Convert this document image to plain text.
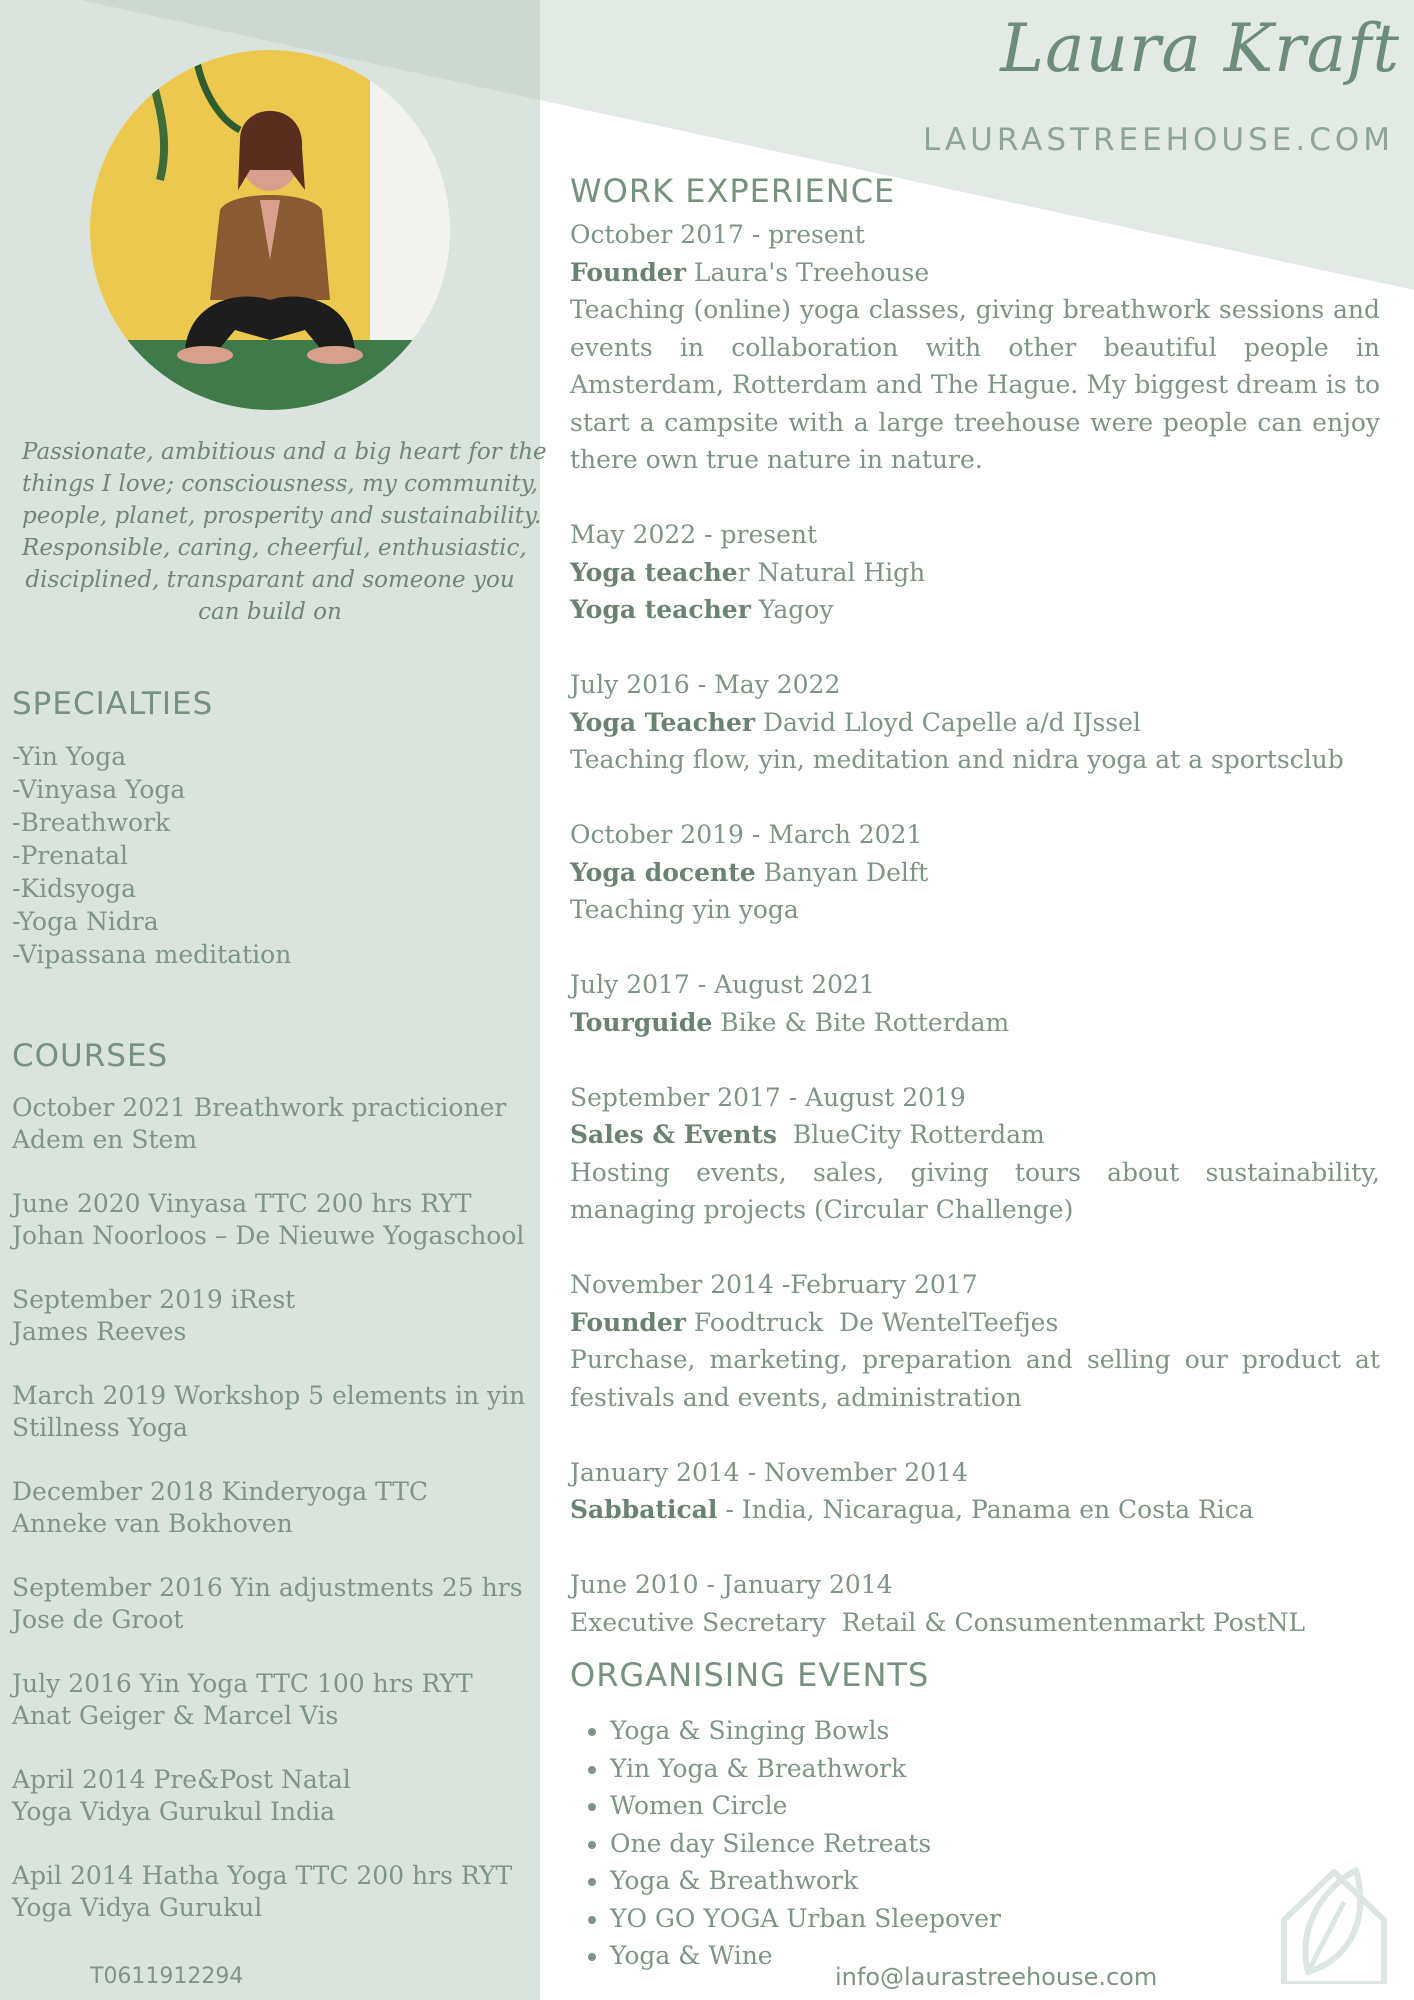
Passionate, ambitious and a big heart for the
things I love; consciousness, my community,
people, planet, prosperity and sustainability.
Responsible, caring, cheerful, enthusiastic,
disciplined, transparant and someone you
can build on
SPECIALTIES
-Yin Yoga
-Vinyasa Yoga
-Breathwork
-Prenatal
-Kidsyoga
-Yoga Nidra
-Vipassana meditation
COURSES
October 2021 Breathwork practicioner
Adem en Stem
June 2020 Vinyasa TTC 200 hrs RYT
Johan Noorloos – De Nieuwe Yogaschool
September 2019 iRest
James Reeves
March 2019 Workshop 5 elements in yin
Stillness Yoga
December 2018 Kinderyoga TTC
Anneke van Bokhoven
September 2016 Yin adjustments 25 hrs
Jose de Groot
July 2016 Yin Yoga TTC 100 hrs RYT
Anat Geiger & Marcel Vis
April 2014 Pre&Post Natal
Yoga Vidya Gurukul India
Apil 2014 Hatha Yoga TTC 200 hrs RYT
Yoga Vidya Gurukul
Laura Kraft
LAURASTREEHOUSE.COM
WORK EXPERIENCE
October 2017 - present
Founder Laura's Treehouse
Teaching (online) yoga classes, giving breathwork sessions and events in collaboration with other beautiful people in Amsterdam, Rotterdam and The Hague. My biggest dream is to start a campsite with a large treehouse were people can enjoy there own true nature in nature.
May 2022 - present
Yoga teacher Natural High
Yoga teacher Yagoy
July 2016 - May 2022
Yoga Teacher David Lloyd Capelle a/d IJssel
Teaching flow, yin, meditation and nidra yoga at a sportsclub
October 2019 - March 2021
Yoga docente Banyan Delft
Teaching yin yoga
July 2017 - August 2021
Tourguide Bike & Bite Rotterdam
September 2017 - August 2019
Sales & Events  BlueCity Rotterdam
Hosting events, sales, giving tours about sustainability, managing projects (Circular Challenge)
November 2014 -February 2017
Founder Foodtruck  De WentelTeefjes
Purchase, marketing, preparation and selling our product at festivals and events, administration
January 2014 - November 2014
Sabbatical - India, Nicaragua, Panama en Costa Rica
June 2010 - January 2014
Executive Secretary  Retail & Consumentenmarkt PostNL
ORGANISING EVENTS
• Yoga & Singing Bowls
• Yin Yoga & Breathwork
• Women Circle
• One day Silence Retreats
• Yoga & Breathwork
• YO GO YOGA Urban Sleepover
• Yoga & Wine
T0611912294	info@laurastreehouse.com
